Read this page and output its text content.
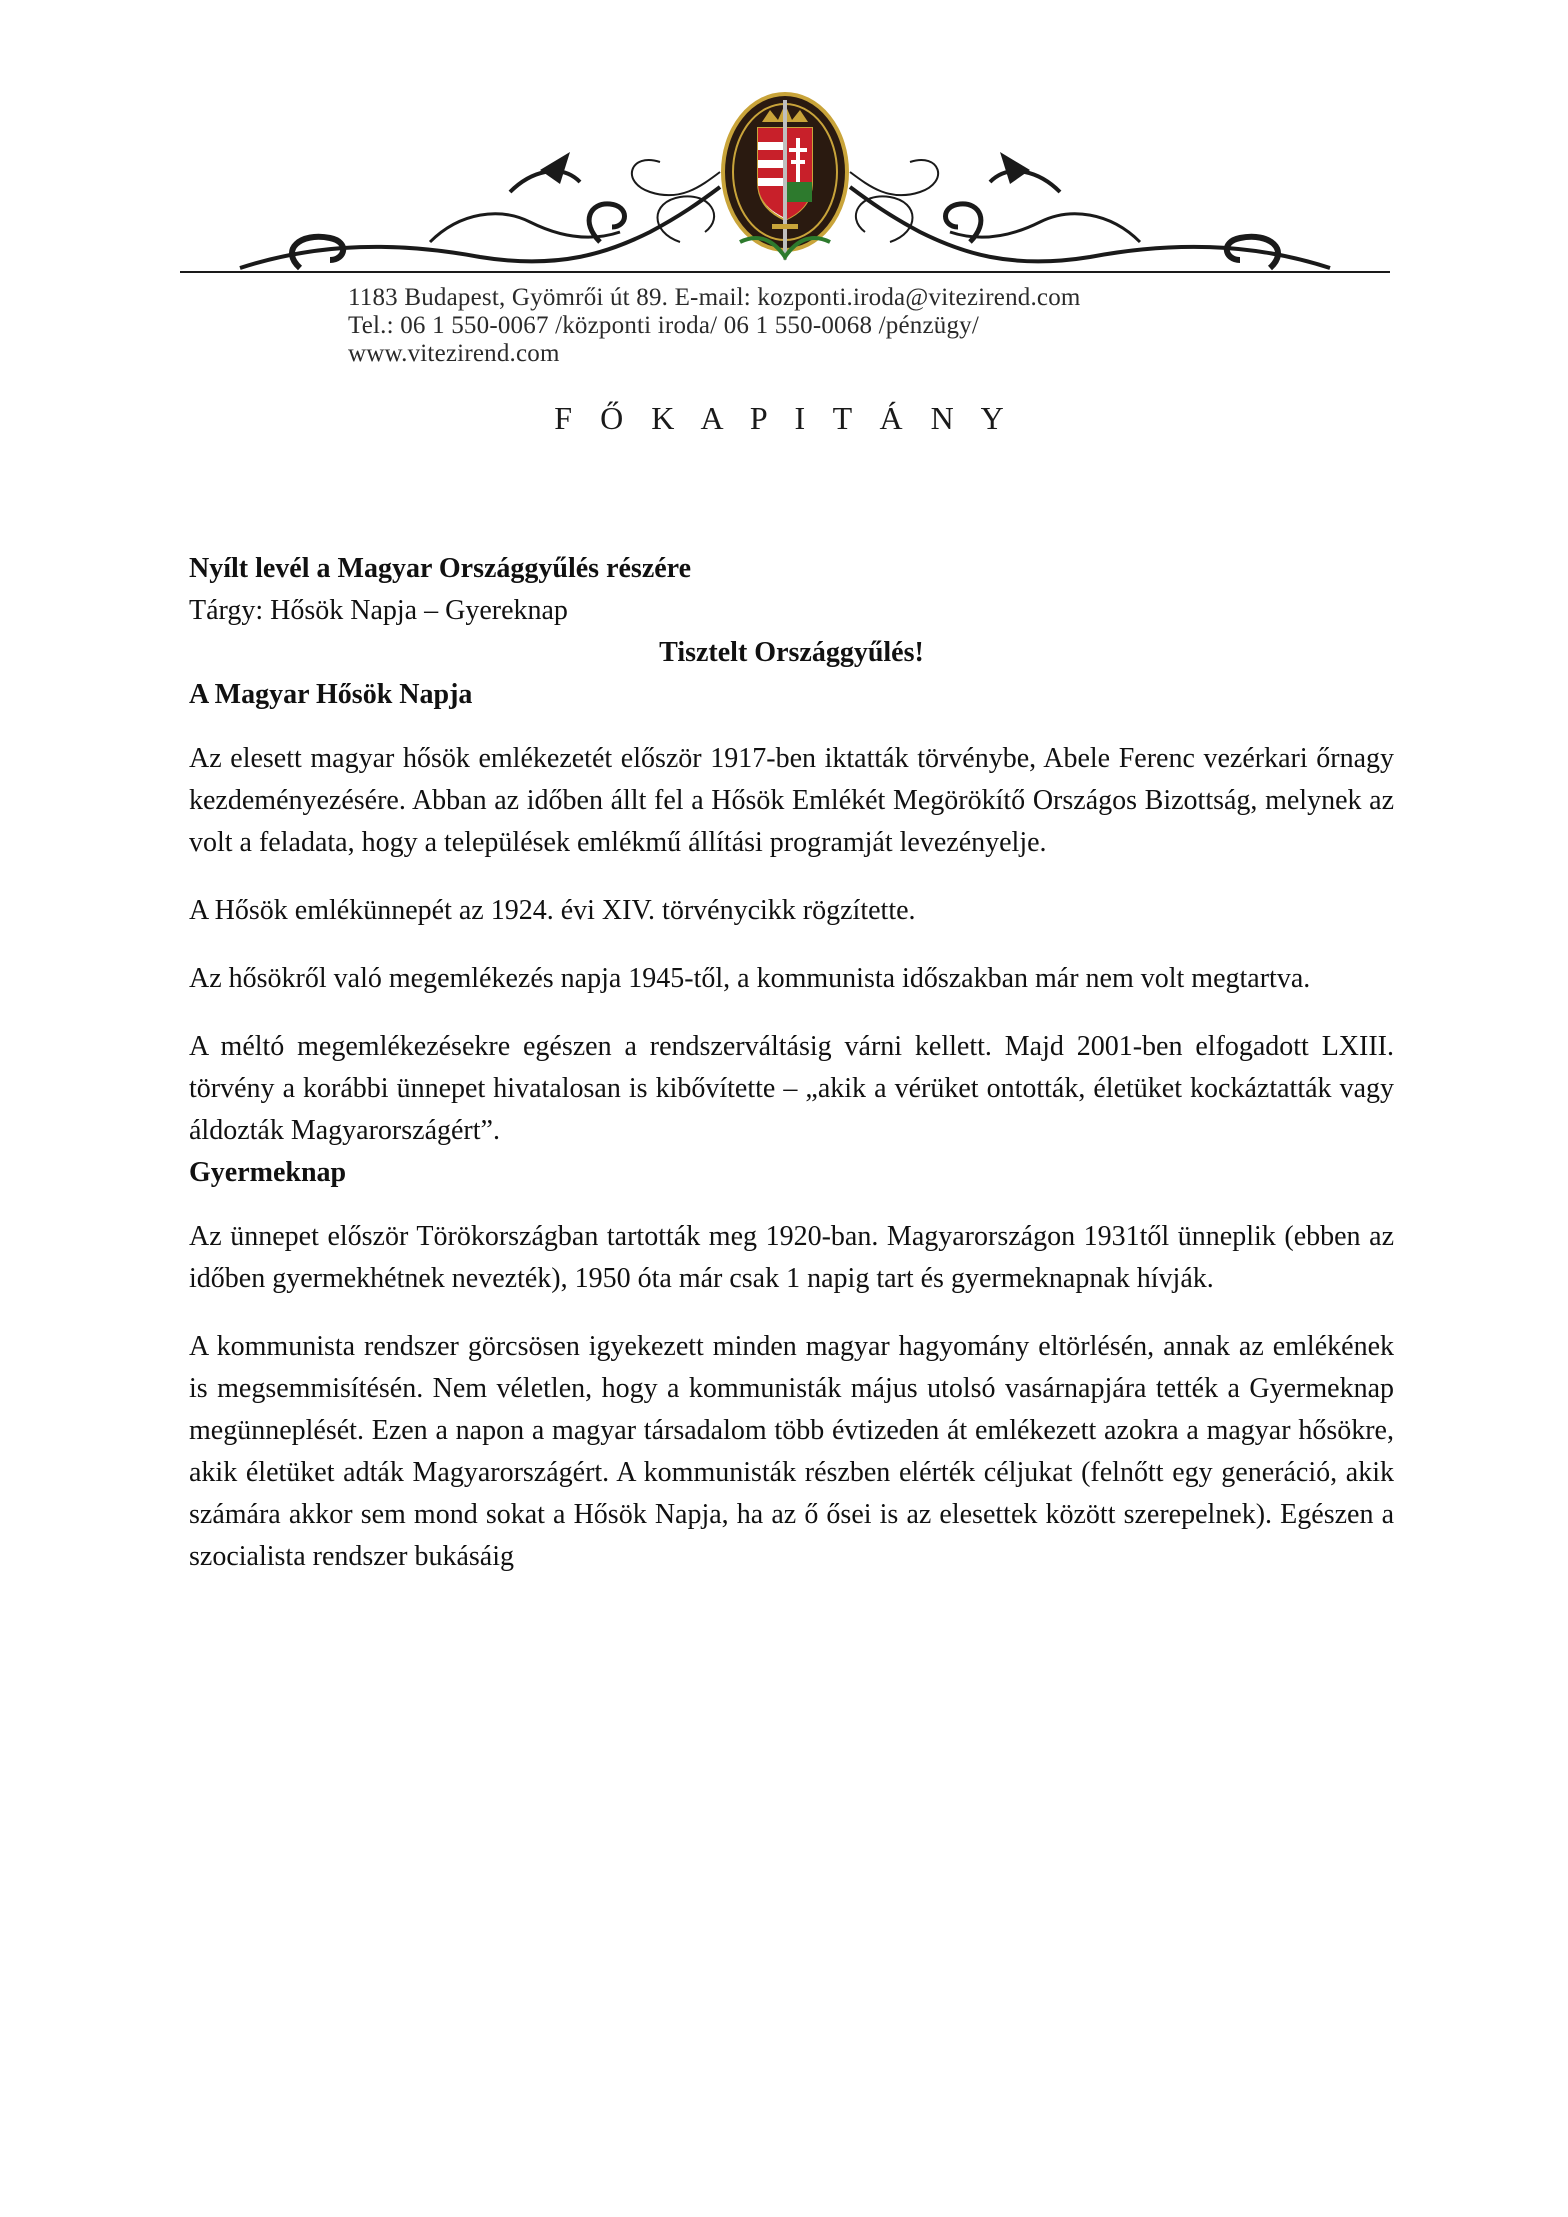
1183 Budapest, Gyömrői út 89. E-mail: kozponti.iroda@vitezirend.com
Tel.: 06 1 550-0067 /központi iroda/ 06 1 550-0068 /pénzügy/
www.vitezirend.com
F Ő K A P I T Á N Y

Nyílt levél a Magyar Országgyűlés részére

Tárgy: Hősök Napja – Gyereknap

Tisztelt Országgyűlés!

A Magyar Hősök Napja

Az elesett magyar hősök emlékezetét először 1917-ben iktatták törvénybe, Abele Ferenc vezérkari őrnagy kezdeményezésére. Abban az időben állt fel a Hősök Emlékét Megörökítő Országos Bizottság, melynek az volt a feladata, hogy a települések emlékmű állítási programját levezényelje.

A Hősök emlékünnepét az 1924. évi XIV. törvénycikk rögzítette.

Az hősökről való megemlékezés napja 1945-től, a kommunista időszakban már nem volt megtartva.

A méltó megemlékezésekre egészen a rendszerváltásig várni kellett. Majd 2001-ben elfogadott LXIII. törvény a korábbi ünnepet hivatalosan is kibővítette – „akik a vérüket ontották, életüket kockáztatták vagy áldozták Magyarországért”.

Gyermeknap

Az ünnepet először Törökországban tartották meg 1920-ban. Magyarországon 1931től ünneplik (ebben az időben gyermekhétnek nevezték), 1950 óta már csak 1 napig tart és gyermeknapnak hívják.

A kommunista rendszer görcsösen igyekezett minden magyar hagyomány eltörlésén, annak az emlékének is megsemmisítésén. Nem véletlen, hogy a kommunisták május utolsó vasárnapjára tették a Gyermeknap megünneplését. Ezen a napon a magyar társadalom több évtizeden át emlékezett azokra a magyar hősökre, akik életüket adták Magyarországért. A kommunisták részben elérték céljukat (felnőtt egy generáció, akik számára akkor sem mond sokat a Hősök Napja, ha az ő ősei is az elesettek között szerepelnek). Egészen a szocialista rendszer bukásáig
